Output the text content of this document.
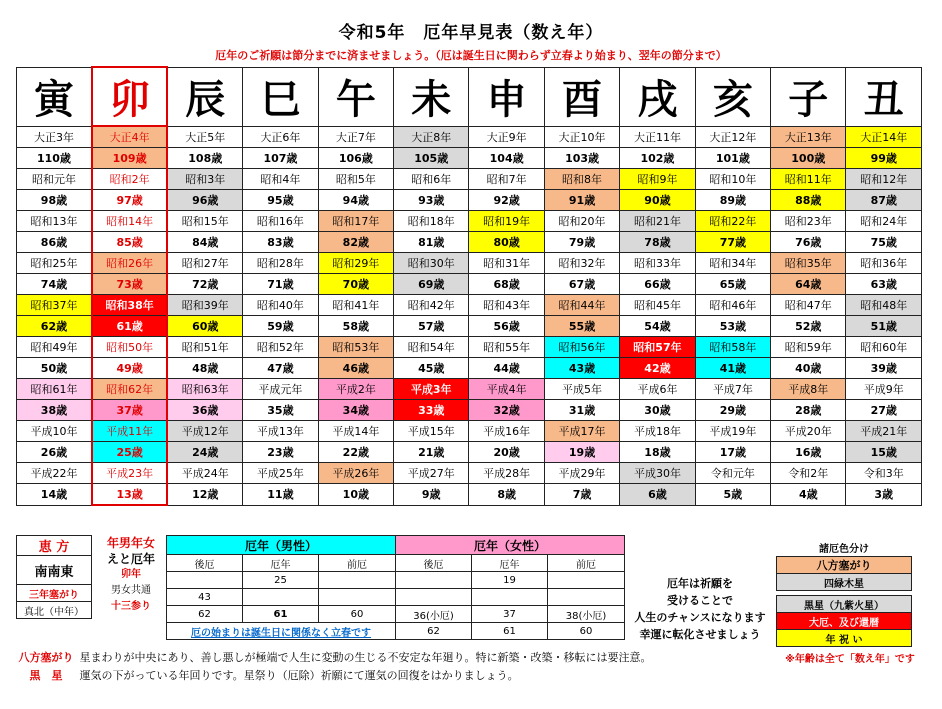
令和5年　厄年早見表（数え年）
厄年のご祈願は節分までに済ませましょう。（厄は誕生日に関わらず立春より始まり、翌年の節分まで）
寅	卯	辰	巳	午	未	申	酉	戌	亥	子	丑
大正3年	大正4年	大正5年	大正6年	大正7年	大正8年	大正9年	大正10年	大正11年	大正12年	大正13年	大正14年
110歳	109歳	108歳	107歳	106歳	105歳	104歳	103歳	102歳	101歳	100歳	99歳
昭和元年	昭和2年	昭和3年	昭和4年	昭和5年	昭和6年	昭和7年	昭和8年	昭和9年	昭和10年	昭和11年	昭和12年
98歳	97歳	96歳	95歳	94歳	93歳	92歳	91歳	90歳	89歳	88歳	87歳
昭和13年	昭和14年	昭和15年	昭和16年	昭和17年	昭和18年	昭和19年	昭和20年	昭和21年	昭和22年	昭和23年	昭和24年
86歳	85歳	84歳	83歳	82歳	81歳	80歳	79歳	78歳	77歳	76歳	75歳
昭和25年	昭和26年	昭和27年	昭和28年	昭和29年	昭和30年	昭和31年	昭和32年	昭和33年	昭和34年	昭和35年	昭和36年
74歳	73歳	72歳	71歳	70歳	69歳	68歳	67歳	66歳	65歳	64歳	63歳
昭和37年	昭和38年	昭和39年	昭和40年	昭和41年	昭和42年	昭和43年	昭和44年	昭和45年	昭和46年	昭和47年	昭和48年
62歳	61歳	60歳	59歳	58歳	57歳	56歳	55歳	54歳	53歳	52歳	51歳
昭和49年	昭和50年	昭和51年	昭和52年	昭和53年	昭和54年	昭和55年	昭和56年	昭和57年	昭和58年	昭和59年	昭和60年
50歳	49歳	48歳	47歳	46歳	45歳	44歳	43歳	42歳	41歳	40歳	39歳
昭和61年	昭和62年	昭和63年	平成元年	平成2年	平成3年	平成4年	平成5年	平成6年	平成7年	平成8年	平成9年
38歳	37歳	36歳	35歳	34歳	33歳	32歳	31歳	30歳	29歳	28歳	27歳
平成10年	平成11年	平成12年	平成13年	平成14年	平成15年	平成16年	平成17年	平成18年	平成19年	平成20年	平成21年
26歳	25歳	24歳	23歳	22歳	21歳	20歳	19歳	18歳	17歳	16歳	15歳
平成22年	平成23年	平成24年	平成25年	平成26年	平成27年	平成28年	平成29年	平成30年	令和元年	令和2年	令和3年
14歳	13歳	12歳	11歳	10歳	9歳	8歳	7歳	6歳	5歳	4歳	3歳
恵 方
南南東
三年塞がり
真北（中年）
年男年女
えと厄年
卯年
男女共通
十三参り
厄年（男性）			厄年（女性）		
後厄	厄年	前厄	後厄	厄年	前厄
	25			19	
43					
62	61	60	36(小厄)	37	38(小厄)
厄の始まりは誕生日に関係なく立春です			62	61	60
厄年は祈願を
受けることで
人生のチャンスになります
幸運に転化させましょう
諸厄色分け
八方塞がり
四緑木星

黒星（九紫火星）
大厄、及び還暦
年 祝 い
※年齢は全て「数え年」です
八方塞がり 星まわりが中央にあり、善し悪しが極端で人生に変動の生じる不安定な年廻り。特に新築・改築・移転には要注意。
黒　星 運気の下がっている年回りです。星祭り（厄除）祈願にて運気の回復をはかりましょう。
